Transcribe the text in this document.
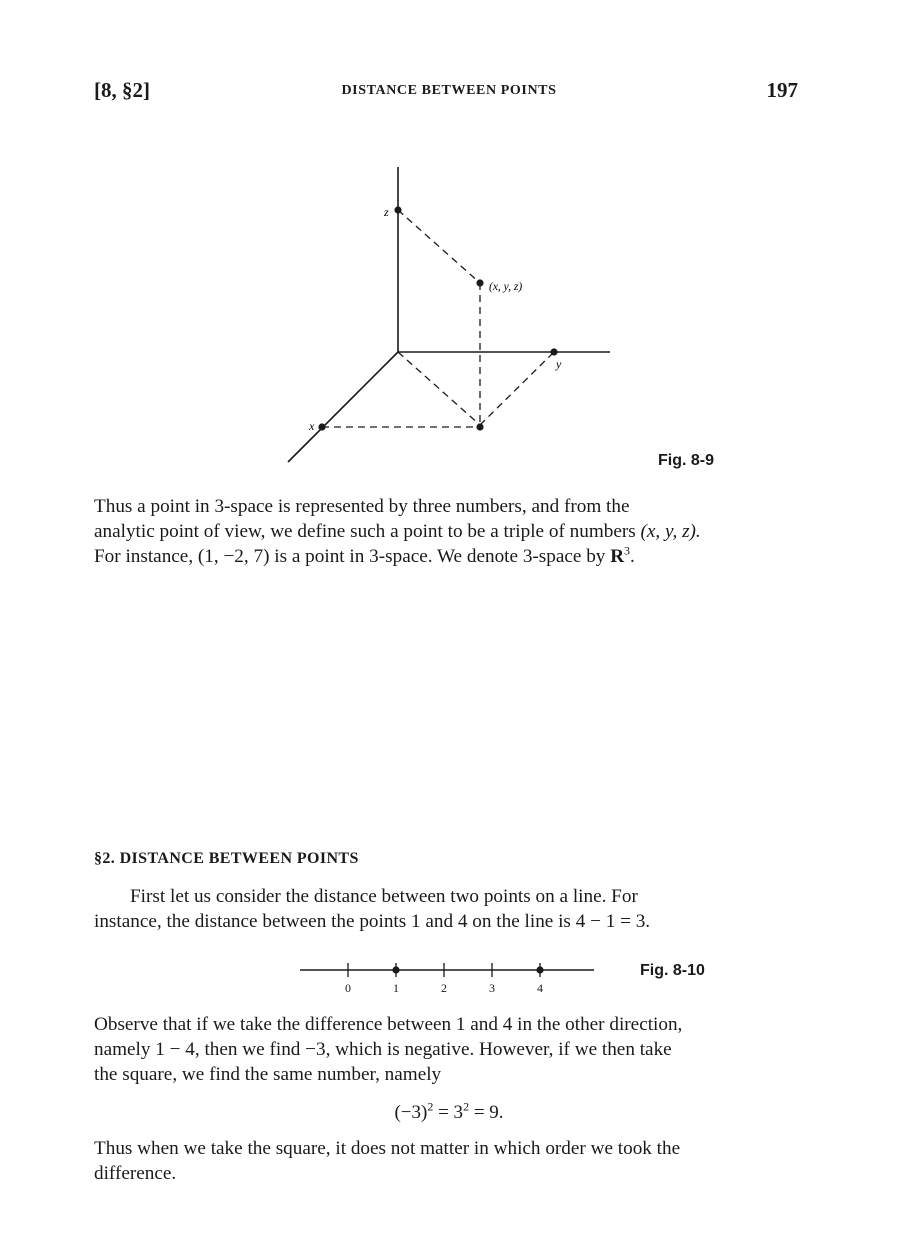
[8, §2]	DISTANCE BETWEEN POINTS	197
z
(x, y, z)
y
x
Fig. 8-9
Thus a point in 3-space is represented by three numbers, and from the
analytic point of view, we define such a point to be a triple of numbers (x, y, z).
For instance, (1, −2, 7) is a point in 3-space. We denote 3-space by $R^3$.
§2. DISTANCE BETWEEN POINTS
First let us consider the distance between two points on a line. For
instance, the distance between the points 1 and 4 on the line is 4 − 1 = 3.
0	1	2	3	4
Fig. 8-10
Observe that if we take the difference between 1 and 4 in the other direction,
namely 1 − 4, then we find −3, which is negative. However, if we then take
the square, we find the same number, namely
$(-3)^2 = 3^2 = 9$.
Thus when we take the square, it does not matter in which order we took the
difference.
